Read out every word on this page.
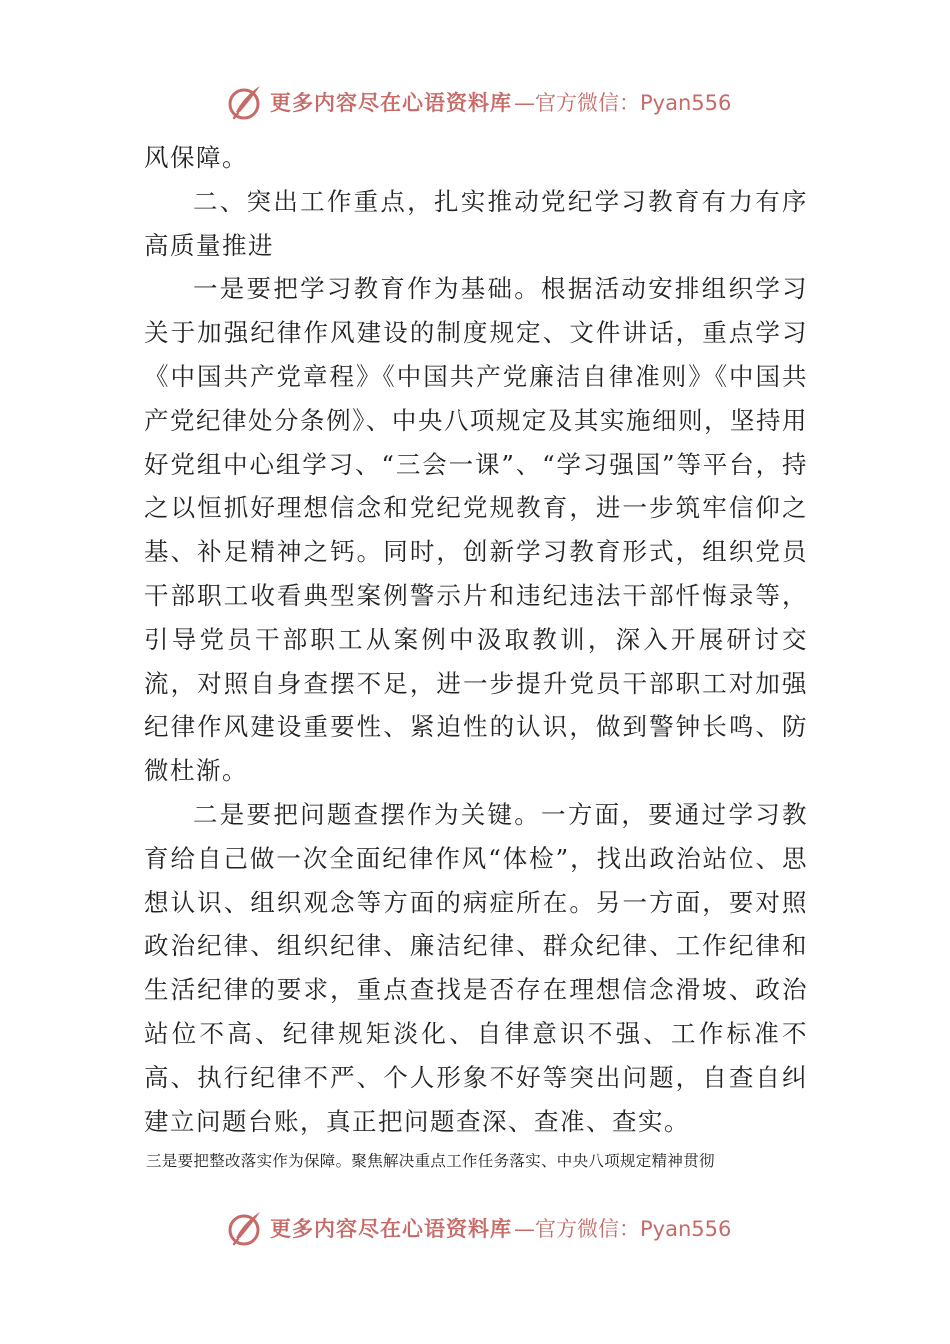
更多内容尽在心语资料库 —官方微信：Pyan556

风保障。

二、突出工作重点，扎实推动党纪学习教育有力有序高质量推进

一是要把学习教育作为基础。根据活动安排组织学习关于加强纪律作风建设的制度规定、文件讲话，重点学习《中国共产党章程》《中国共产党廉洁自律准则》《中国共产党纪律处分条例》、中央八项规定及其实施细则，坚持用好党组中心组学习、“三会一课”、“学习强国”等平台，持之以恒抓好理想信念和党纪党规教育，进一步筑牢信仰之基、补足精神之钙。同时，创新学习教育形式，组织党员干部职工收看典型案例警示片和违纪违法干部忏悔录等，引导党员干部职工从案例中汲取教训，深入开展研讨交流，对照自身查摆不足，进一步提升党员干部职工对加强纪律作风建设重要性、紧迫性的认识，做到警钟长鸣、防微杜渐。

二是要把问题查摆作为关键。一方面，要通过学习教育给自己做一次全面纪律作风“体检”，找出政治站位、思想认识、组织观念等方面的病症所在。另一方面，要对照政治纪律、组织纪律、廉洁纪律、群众纪律、工作纪律和生活纪律的要求，重点查找是否存在理想信念滑坡、政治站位不高、纪律规矩淡化、自律意识不强、工作标准不高、执行纪律不严、个人形象不好等突出问题，自查自纠建立问题台账，真正把问题查深、查准、查实。

三是要把整改落实作为保障。聚焦解决重点工作任务落实、中央八项规定精神贯彻
更多内容尽在心语资料库 —官方微信：Pyan556
